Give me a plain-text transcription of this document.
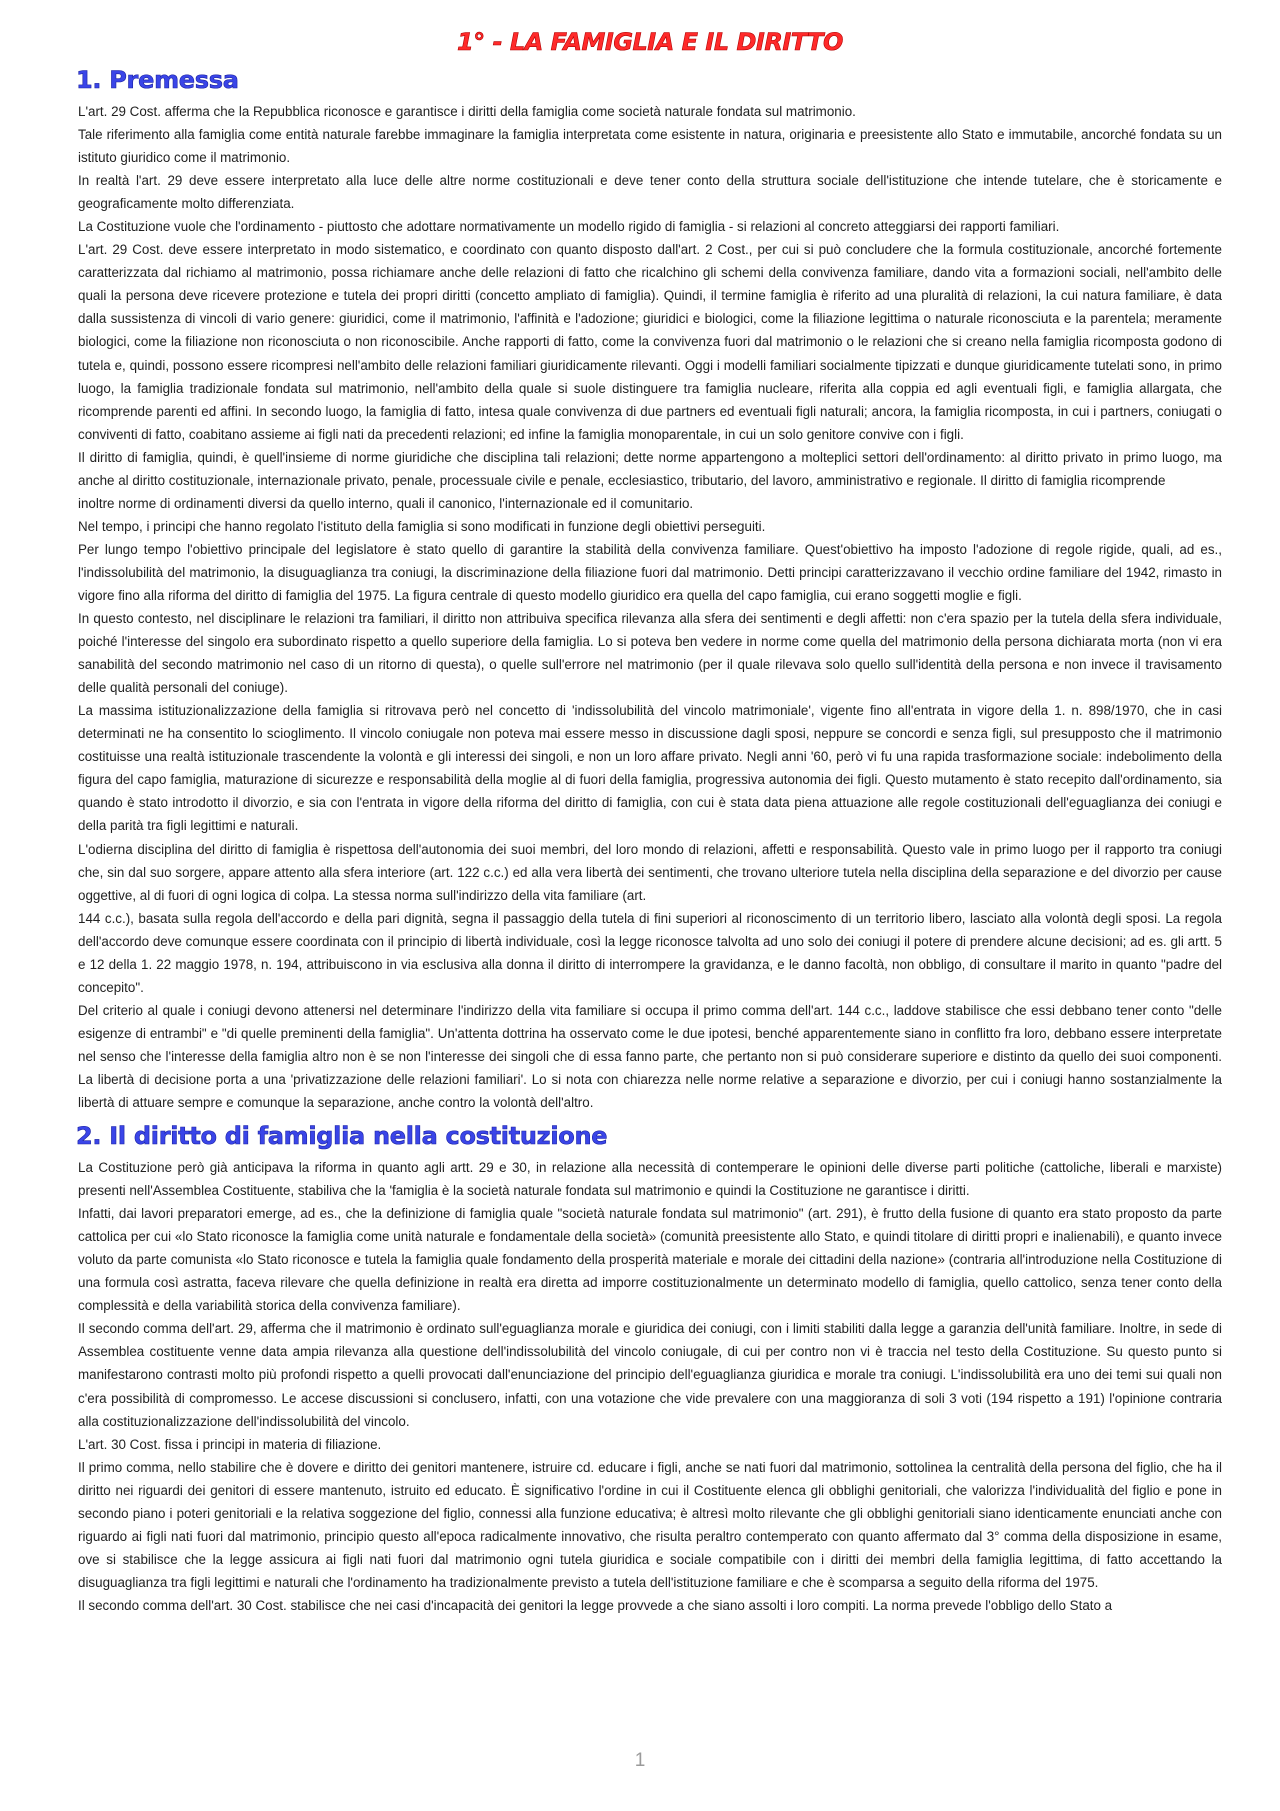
1° - LA FAMIGLIA E IL DIRITTO
1. Premessa

L'art. 29 Cost. afferma che la Repubblica riconosce e garantisce i diritti della famiglia come società naturale fondata sul matrimonio.

Tale riferimento alla famiglia come entità naturale farebbe immaginare la famiglia interpretata come esistente in natura, originaria e preesistente allo Stato e immutabile, ancorché fondata su un istituto giuridico come il matrimonio.

In realtà l'art. 29 deve essere interpretato alla luce delle altre norme costituzionali e deve tener conto della struttura sociale dell'istituzione che intende tutelare, che è storicamente e geograficamente molto differenziata.

La Costituzione vuole che l'ordinamento - piuttosto che adottare normativamente un modello rigido di famiglia - si relazioni al concreto atteggiarsi dei rapporti familiari.

L'art. 29 Cost. deve essere interpretato in modo sistematico, e coordinato con quanto disposto dall'art. 2 Cost., per cui si può concludere che la formula costituzionale, ancorché fortemente caratterizzata dal richiamo al matrimonio, possa richiamare anche delle relazioni di fatto che ricalchino gli schemi della convivenza familiare, dando vita a formazioni sociali, nell'ambito delle quali la persona deve ricevere protezione e tutela dei propri diritti (concetto ampliato di famiglia). Quindi, il termine famiglia è riferito ad una pluralità di relazioni, la cui natura familiare, è data dalla sussistenza di vincoli di vario genere: giuridici, come il matrimonio, l'affinità e l'adozione; giuridici e biologici, come la filiazione legittima o naturale riconosciuta e la parentela; meramente biologici, come la filiazione non riconosciuta o non riconoscibile. Anche rapporti di fatto, come la convivenza fuori dal matrimonio o le relazioni che si creano nella famiglia ricomposta godono di tutela e, quindi, possono essere ricompresi nell'ambito delle relazioni familiari giuridicamente rilevanti. Oggi i modelli familiari socialmente tipizzati e dunque giuridicamente tutelati sono, in primo luogo, la famiglia tradizionale fondata sul matrimonio, nell'ambito della quale si suole distinguere tra famiglia nucleare, riferita alla coppia ed agli eventuali figli, e famiglia allargata, che ricomprende parenti ed affini. In secondo luogo, la famiglia di fatto, intesa quale convivenza di due partners ed eventuali figli naturali; ancora, la famiglia ricomposta, in cui i partners, coniugati o conviventi di fatto, coabitano assieme ai figli nati da precedenti relazioni; ed infine la famiglia monoparentale, in cui un solo genitore convive con i figli.

Il diritto di famiglia, quindi, è quell'insieme di norme giuridiche che disciplina tali relazioni; dette norme appartengono a molteplici settori dell'ordinamento: al diritto privato in primo luogo, ma anche al diritto costituzionale, internazionale privato, penale, processuale civile e penale, ecclesiastico, tributario, del lavoro, amministrativo e regionale. Il diritto di famiglia ricomprende

inoltre norme di ordinamenti diversi da quello interno, quali il canonico, l'internazionale ed il comunitario.

Nel tempo, i principi che hanno regolato l'istituto della famiglia si sono modificati in funzione degli obiettivi perseguiti.

Per lungo tempo l'obiettivo principale del legislatore è stato quello di garantire la stabilità della convivenza familiare. Quest'obiettivo ha imposto l'adozione di regole rigide, quali, ad es., l'indissolubilità del matrimonio, la disuguaglianza tra coniugi, la discriminazione della filiazione fuori dal matrimonio. Detti principi caratterizzavano il vecchio ordine familiare del 1942, rimasto in vigore fino alla riforma del diritto di famiglia del 1975. La figura centrale di questo modello giuridico era quella del capo famiglia, cui erano soggetti moglie e figli.

In questo contesto, nel disciplinare le relazioni tra familiari, il diritto non attribuiva specifica rilevanza alla sfera dei sentimenti e degli affetti: non c'era spazio per la tutela della sfera individuale, poiché l'interesse del singolo era subordinato rispetto a quello superiore della famiglia. Lo si poteva ben vedere in norme come quella del matrimonio della persona dichiarata morta (non vi era sanabilità del secondo matrimonio nel caso di un ritorno di questa), o quelle sull'errore nel matrimonio (per il quale rilevava solo quello sull'identità della persona e non invece il travisamento delle qualità personali del coniuge).

La massima istituzionalizzazione della famiglia si ritrovava però nel concetto di 'indissolubilità del vincolo matrimoniale', vigente fino all'entrata in vigore della 1. n. 898/1970, che in casi determinati ne ha consentito lo scioglimento. Il vincolo coniugale non poteva mai essere messo in discussione dagli sposi, neppure se concordi e senza figli, sul presupposto che il matrimonio costituisse una realtà istituzionale trascendente la volontà e gli interessi dei singoli, e non un loro affare privato. Negli anni '60, però vi fu una rapida trasformazione sociale: indebolimento della figura del capo famiglia, maturazione di sicurezze e responsabilità della moglie al di fuori della famiglia, progressiva autonomia dei figli. Questo mutamento è stato recepito dall'ordinamento, sia quando è stato introdotto il divorzio, e sia con l'entrata in vigore della riforma del diritto di famiglia, con cui è stata data piena attuazione alle regole costituzionali dell'eguaglianza dei coniugi e della parità tra figli legittimi e naturali.

L'odierna disciplina del diritto di famiglia è rispettosa dell'autonomia dei suoi membri, del loro mondo di relazioni, affetti e responsabilità. Questo vale in primo luogo per il rapporto tra coniugi che, sin dal suo sorgere, appare attento alla sfera interiore (art. 122 c.c.) ed alla vera libertà dei sentimenti, che trovano ulteriore tutela nella disciplina della separazione e del divorzio per cause oggettive, al di fuori di ogni logica di colpa. La stessa norma sull'indirizzo della vita familiare (art.

144 c.c.), basata sulla regola dell'accordo e della pari dignità, segna il passaggio della tutela di fini superiori al riconoscimento di un territorio libero, lasciato alla volontà degli sposi. La regola dell'accordo deve comunque essere coordinata con il principio di libertà individuale, così la legge riconosce talvolta ad uno solo dei coniugi il potere di prendere alcune decisioni; ad es. gli artt. 5 e 12 della 1. 22 maggio 1978, n. 194, attribuiscono in via esclusiva alla donna il diritto di interrompere la gravidanza, e le danno facoltà, non obbligo, di consultare il marito in quanto "padre del concepito".

Del criterio al quale i coniugi devono attenersi nel determinare l'indirizzo della vita familiare si occupa il primo comma dell'art. 144 c.c., laddove stabilisce che essi debbano tener conto "delle esigenze di entrambi" e "di quelle preminenti della famiglia". Un'attenta dottrina ha osservato come le due ipotesi, benché apparentemente siano in conflitto fra loro, debbano essere interpretate nel senso che l'interesse della famiglia altro non è se non l'interesse dei singoli che di essa fanno parte, che pertanto non si può considerare superiore e distinto da quello dei suoi componenti. La libertà di decisione porta a una 'privatizzazione delle relazioni familiari'. Lo si nota con chiarezza nelle norme relative a separazione e divorzio, per cui i coniugi hanno sostanzialmente la libertà di attuare sempre e comunque la separazione, anche contro la volontà dell'altro.

2. Il diritto di famiglia nella costituzione

La Costituzione però già anticipava la riforma in quanto agli artt. 29 e 30, in relazione alla necessità di contemperare le opinioni delle diverse parti politiche (cattoliche, liberali e marxiste) presenti nell'Assemblea Costituente, stabiliva che la 'famiglia è la società naturale fondata sul matrimonio e quindi la Costituzione ne garantisce i diritti.

Infatti, dai lavori preparatori emerge, ad es., che la definizione di famiglia quale "società naturale fondata sul matrimonio" (art. 291), è frutto della fusione di quanto era stato proposto da parte cattolica per cui «lo Stato riconosce la famiglia come unità naturale e fondamentale della società» (comunità preesistente allo Stato, e quindi titolare di diritti propri e inalienabili), e quanto invece voluto da parte comunista «lo Stato riconosce e tutela la famiglia quale fondamento della prosperità materiale e morale dei cittadini della nazione» (contraria all'introduzione nella Costituzione di una formula così astratta, faceva rilevare che quella definizione in realtà era diretta ad imporre costituzionalmente un determinato modello di famiglia, quello cattolico, senza tener conto della complessità e della variabilità storica della convivenza familiare).

Il secondo comma dell'art. 29, afferma che il matrimonio è ordinato sull'eguaglianza morale e giuridica dei coniugi, con i limiti stabiliti dalla legge a garanzia dell'unità familiare. Inoltre, in sede di Assemblea costituente venne data ampia rilevanza alla questione dell'indissolubilità del vincolo coniugale, di cui per contro non vi è traccia nel testo della Costituzione. Su questo punto si manifestarono contrasti molto più profondi rispetto a quelli provocati dall'enunciazione del principio dell'eguaglianza giuridica e morale tra coniugi. L'indissolubilità era uno dei temi sui quali non c'era possibilità di compromesso. Le accese discussioni si conclusero, infatti, con una votazione che vide prevalere con una maggioranza di soli 3 voti (194 rispetto a 191) l'opinione contraria alla costituzionalizzazione dell'indissolubilità del vincolo.

L'art. 30 Cost. fissa i principi in materia di filiazione.

Il primo comma, nello stabilire che è dovere e diritto dei genitori mantenere, istruire cd. educare i figli, anche se nati fuori dal matrimonio, sottolinea la centralità della persona del figlio, che ha il diritto nei riguardi dei genitori di essere mantenuto, istruito ed educato. È significativo l'ordine in cui il Costituente elenca gli obblighi genitoriali, che valorizza l'individualità del figlio e pone in secondo piano i poteri genitoriali e la relativa soggezione del figlio, connessi alla funzione educativa; è altresì molto rilevante che gli obblighi genitoriali siano identicamente enunciati anche con riguardo ai figli nati fuori dal matrimonio, principio questo all'epoca radicalmente innovativo, che risulta peraltro contemperato con quanto affermato dal 3° comma della disposizione in esame, ove si stabilisce che la legge assicura ai figli nati fuori dal matrimonio ogni tutela giuridica e sociale compatibile con i diritti dei membri della famiglia legittima, di fatto accettando la disuguaglianza tra figli legittimi e naturali che l'ordinamento ha tradizionalmente previsto a tutela dell'istituzione familiare e che è scomparsa a seguito della riforma del 1975.

Il secondo comma dell'art. 30 Cost. stabilisce che nei casi d'incapacità dei genitori la legge provvede a che siano assolti i loro compiti. La norma prevede l'obbligo dello Stato a

1
